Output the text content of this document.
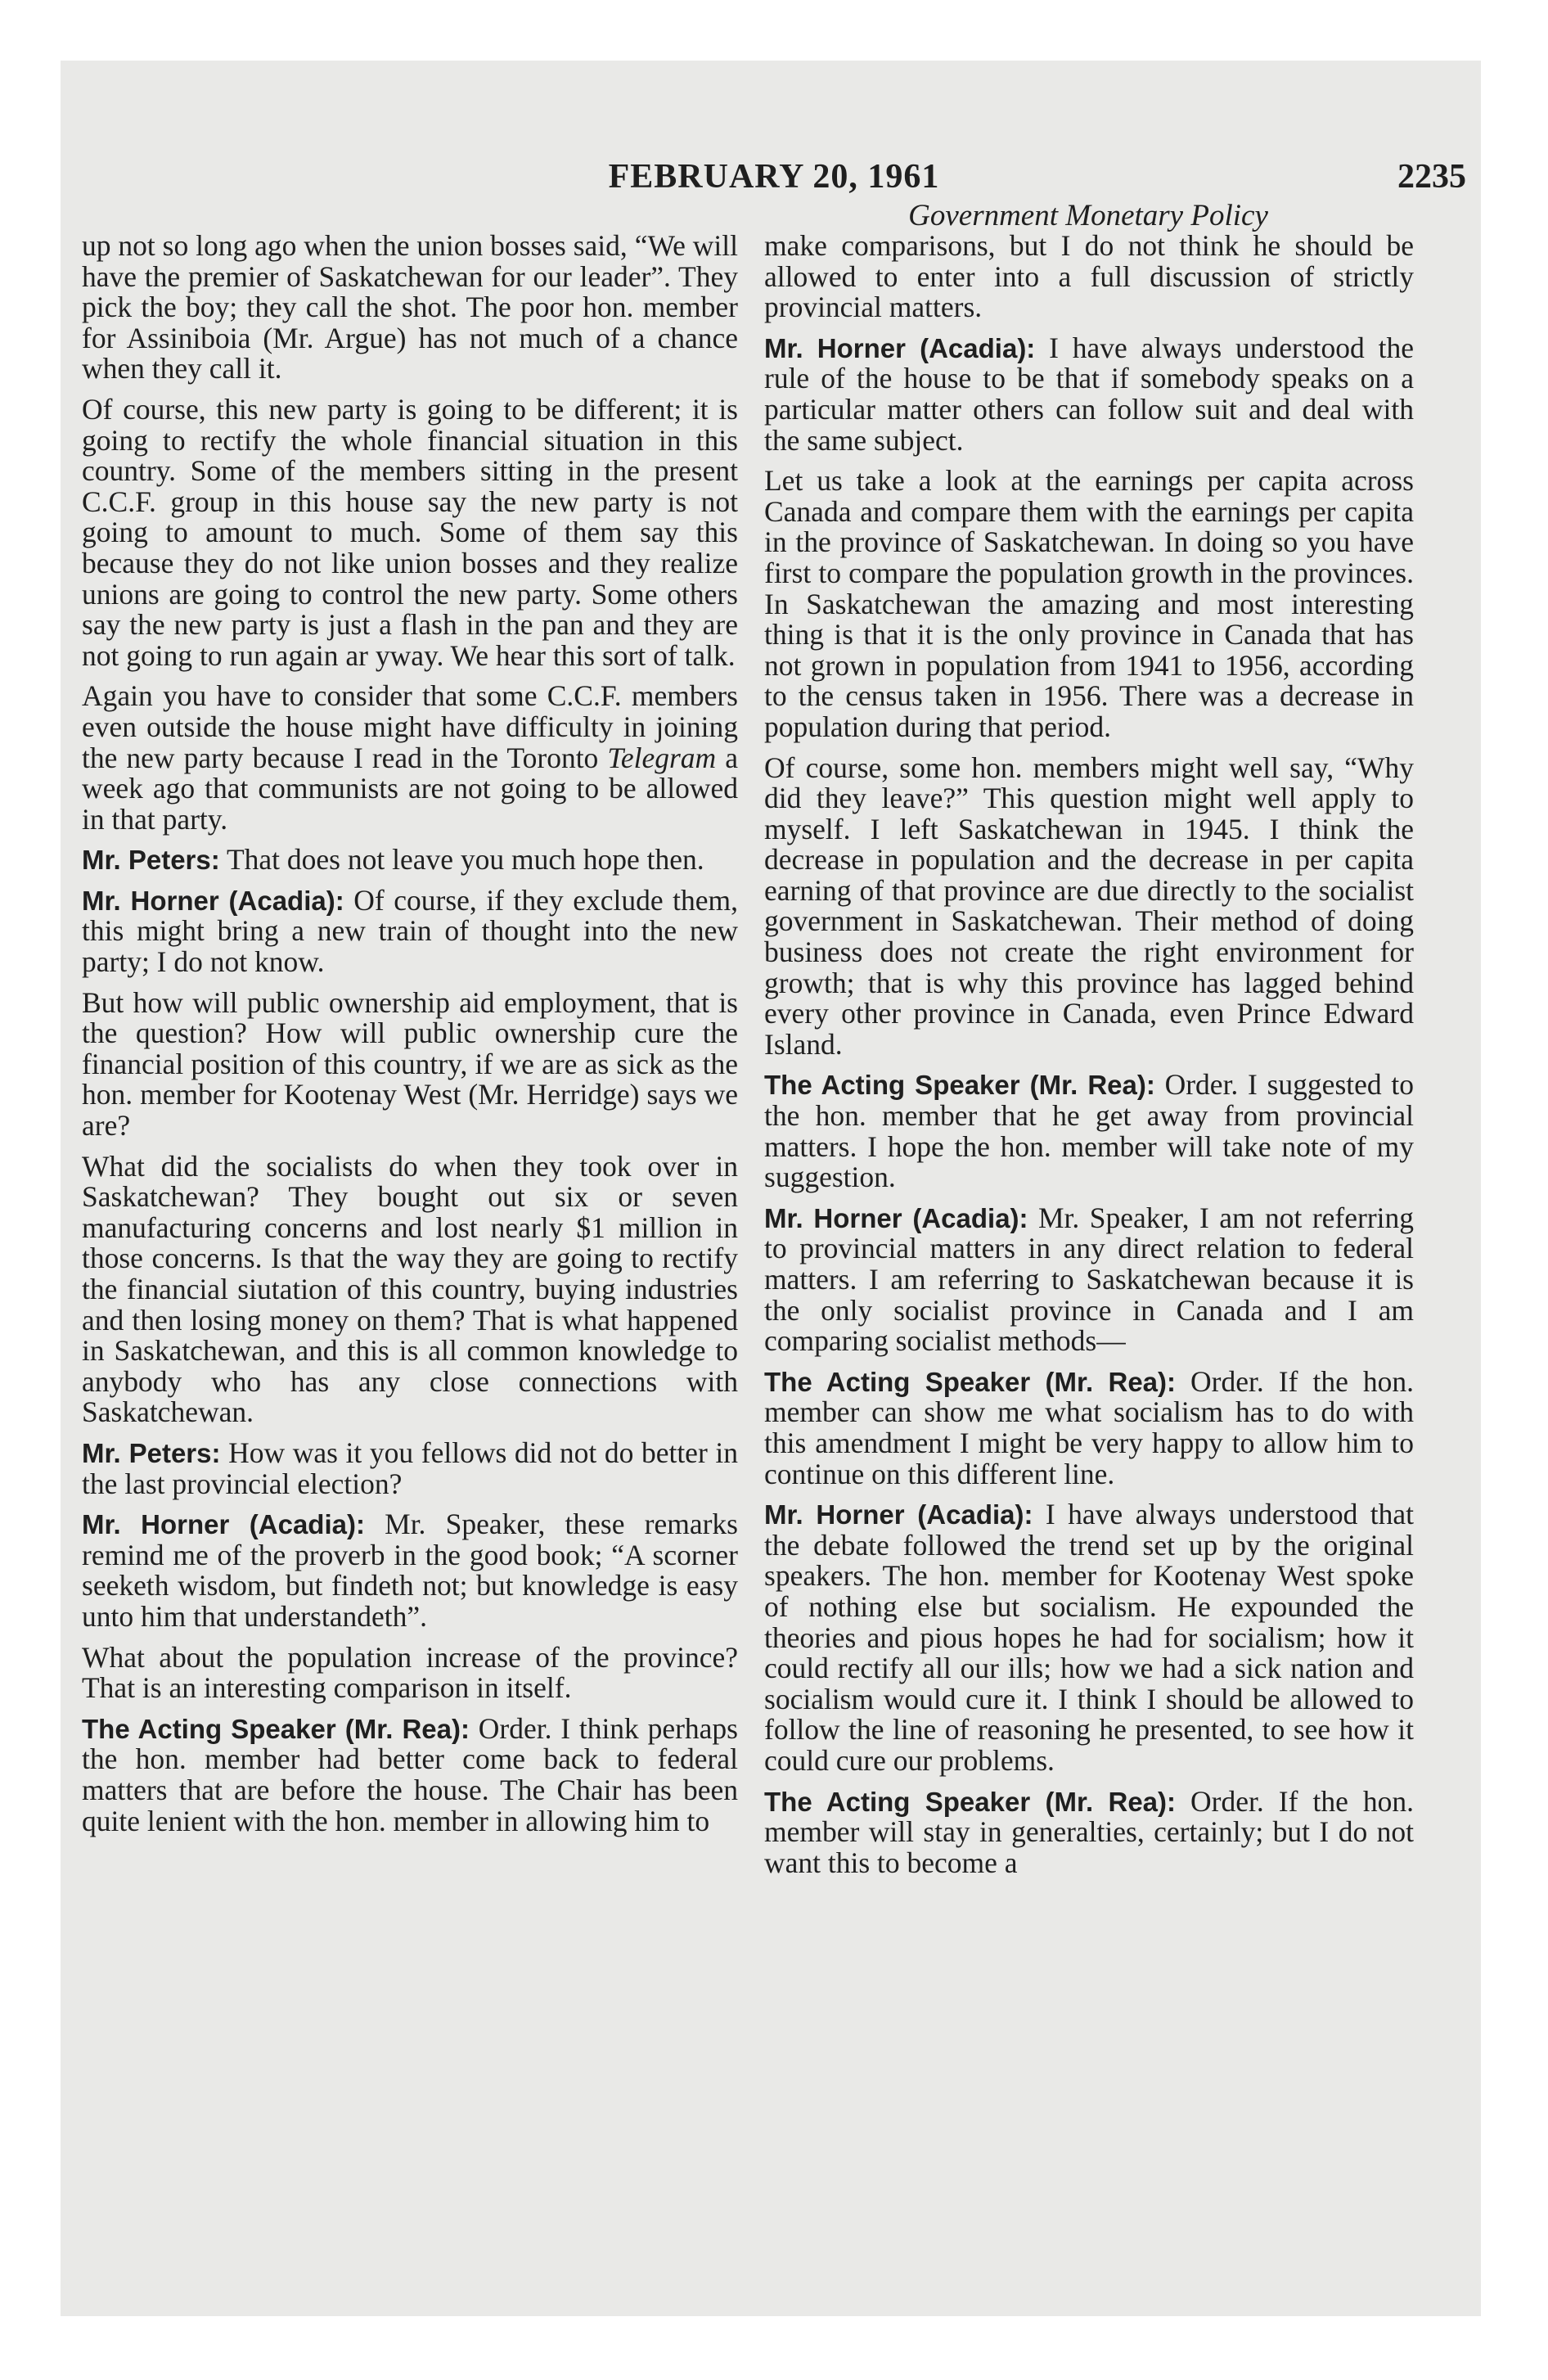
FEBRUARY 20, 1961	2235
Government Monetary Policy

up not so long ago when the union bosses said, “We will have the premier of Saskatchewan for our leader”. They pick the boy; they call the shot. The poor hon. member for Assiniboia (Mr. Argue) has not much of a chance when they call it.

Of course, this new party is going to be different; it is going to rectify the whole financial situation in this country. Some of the members sitting in the present C.C.F. group in this house say the new party is not going to amount to much. Some of them say this because they do not like union bosses and they realize unions are going to control the new party. Some others say the new party is just a flash in the pan and they are not going to run again ar yway. We hear this sort of talk.

Again you have to consider that some C.C.F. members even outside the house might have difficulty in joining the new party because I read in the Toronto Telegram a week ago that communists are not going to be allowed in that party.

Mr. Peters: That does not leave you much hope then.

Mr. Horner (Acadia): Of course, if they exclude them, this might bring a new train of thought into the new party; I do not know.

But how will public ownership aid employment, that is the question? How will public ownership cure the financial position of this country, if we are as sick as the hon. member for Kootenay West (Mr. Herridge) says we are?

What did the socialists do when they took over in Saskatchewan? They bought out six or seven manufacturing concerns and lost nearly $1 million in those concerns. Is that the way they are going to rectify the financial siutation of this country, buying industries and then losing money on them? That is what happened in Saskatchewan, and this is all common knowledge to anybody who has any close connections with Saskatchewan.

Mr. Peters: How was it you fellows did not do better in the last provincial election?

Mr. Horner (Acadia): Mr. Speaker, these remarks remind me of the proverb in the good book; “A scorner seeketh wisdom, but findeth not; but knowledge is easy unto him that understandeth”.

What about the population increase of the province? That is an interesting comparison in itself.

The Acting Speaker (Mr. Rea): Order. I think perhaps the hon. member had better come back to federal matters that are before the house. The Chair has been quite lenient with the hon. member in allowing him to

make comparisons, but I do not think he should be allowed to enter into a full discussion of strictly provincial matters.

Mr. Horner (Acadia): I have always understood the rule of the house to be that if somebody speaks on a particular matter others can follow suit and deal with the same subject.

Let us take a look at the earnings per capita across Canada and compare them with the earnings per capita in the province of Saskatchewan. In doing so you have first to compare the population growth in the provinces. In Saskatchewan the amazing and most interesting thing is that it is the only province in Canada that has not grown in population from 1941 to 1956, according to the census taken in 1956. There was a decrease in population during that period.

Of course, some hon. members might well say, “Why did they leave?” This question might well apply to myself. I left Saskatchewan in 1945. I think the decrease in population and the decrease in per capita earning of that province are due directly to the socialist government in Saskatchewan. Their method of doing business does not create the right environment for growth; that is why this province has lagged behind every other province in Canada, even Prince Edward Island.

The Acting Speaker (Mr. Rea): Order. I suggested to the hon. member that he get away from provincial matters. I hope the hon. member will take note of my suggestion.

Mr. Horner (Acadia): Mr. Speaker, I am not referring to provincial matters in any direct relation to federal matters. I am referring to Saskatchewan because it is the only socialist province in Canada and I am comparing socialist methods—

The Acting Speaker (Mr. Rea): Order. If the hon. member can show me what socialism has to do with this amendment I might be very happy to allow him to continue on this different line.

Mr. Horner (Acadia): I have always understood that the debate followed the trend set up by the original speakers. The hon. member for Kootenay West spoke of nothing else but socialism. He expounded the theories and pious hopes he had for socialism; how it could rectify all our ills; how we had a sick nation and socialism would cure it. I think I should be allowed to follow the line of reasoning he presented, to see how it could cure our problems.

The Acting Speaker (Mr. Rea): Order. If the hon. member will stay in generalties, certainly; but I do not want this to become a
